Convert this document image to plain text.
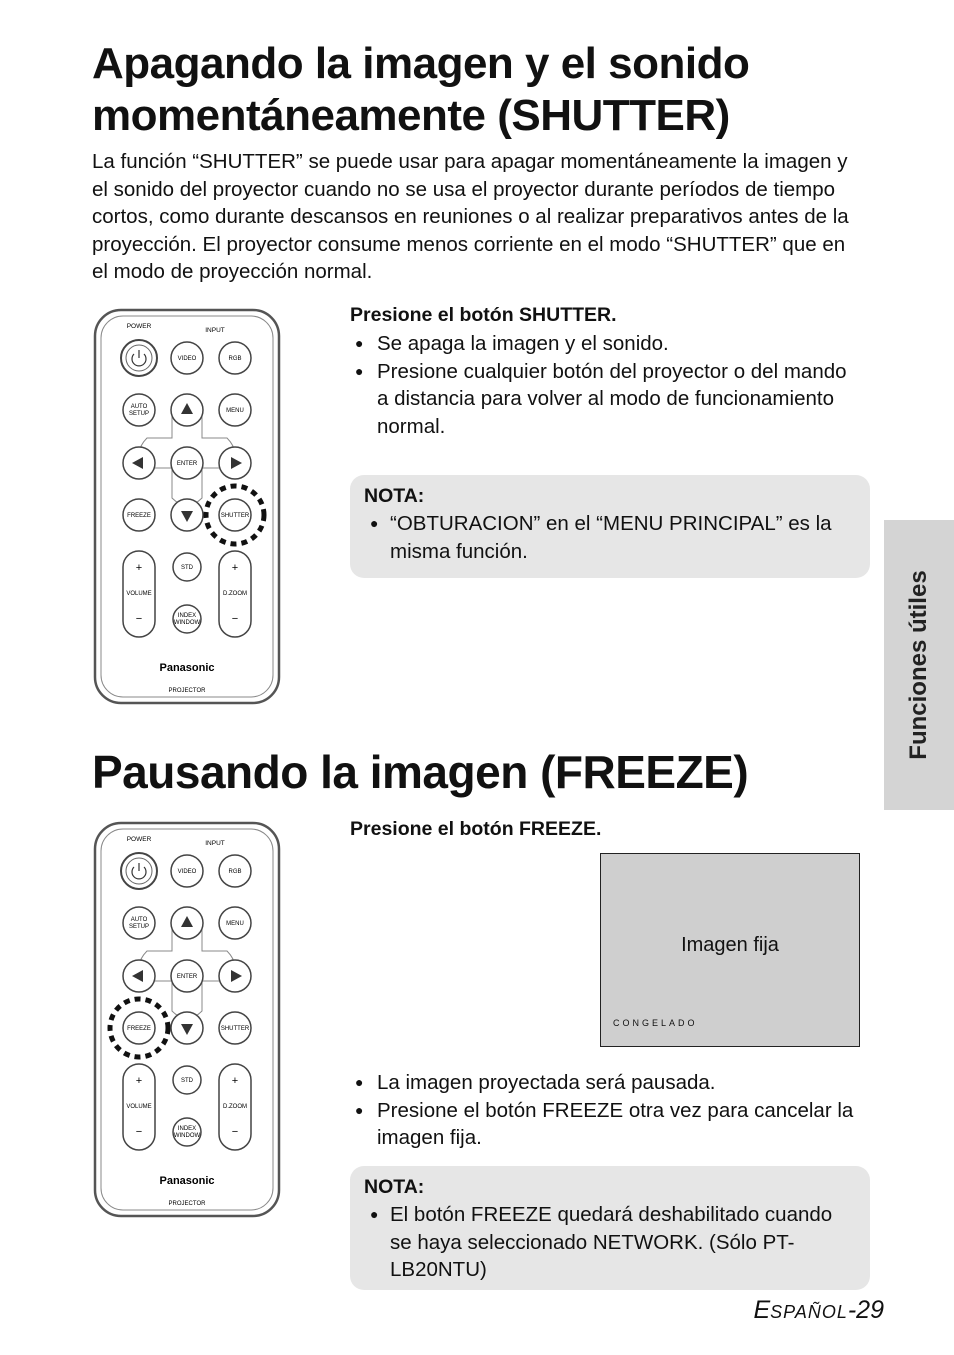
Apagando la imagen y el sonido momentáneamente (SHUTTER)

La función “SHUTTER” se puede usar para apagar momentáneamente la imagen y el sonido del proyector cuando no se usa el proyector durante períodos de tiempo cortos, como durante descansos en reuniones o al realizar preparativos antes de la proyección. El proyector consume menos corriente en el modo “SHUTTER” que en el modo de proyección normal.

POWER
INPUT
VIDEO	RGB
AUTO
SETUP	MENU
ENTER
FREEZE	SHUTTER
+
VOLUME
−
+
D.ZOOM
−
STD
INDEX
WINDOW
Panasonic
PROJECTOR

Presione el botón SHUTTER.

● Se apaga la imagen y el sonido.
● Presione cualquier botón del proyector o del mando a distancia para volver al modo de funcionamiento normal.
NOTA:
● “OBTURACION” en el “MENU PRINCIPAL” es la misma función.
Funciones útiles
Pausando la imagen (FREEZE)
POWER
INPUT
VIDEO	RGB
AUTO
SETUP	MENU
ENTER
FREEZE	SHUTTER
+
VOLUME
−
+
D.ZOOM
−
STD
INDEX
WINDOW
Panasonic
PROJECTOR

Presione el botón FREEZE.

Imagen fija
CONGELADO
● La imagen proyectada será pausada.
● Presione el botón FREEZE otra vez para cancelar la imagen fija.
NOTA:
● El botón FREEZE quedará deshabilitado cuando se haya seleccionado NETWORK. (Sólo PT-LB20NTU)
ESPAÑOL-29
